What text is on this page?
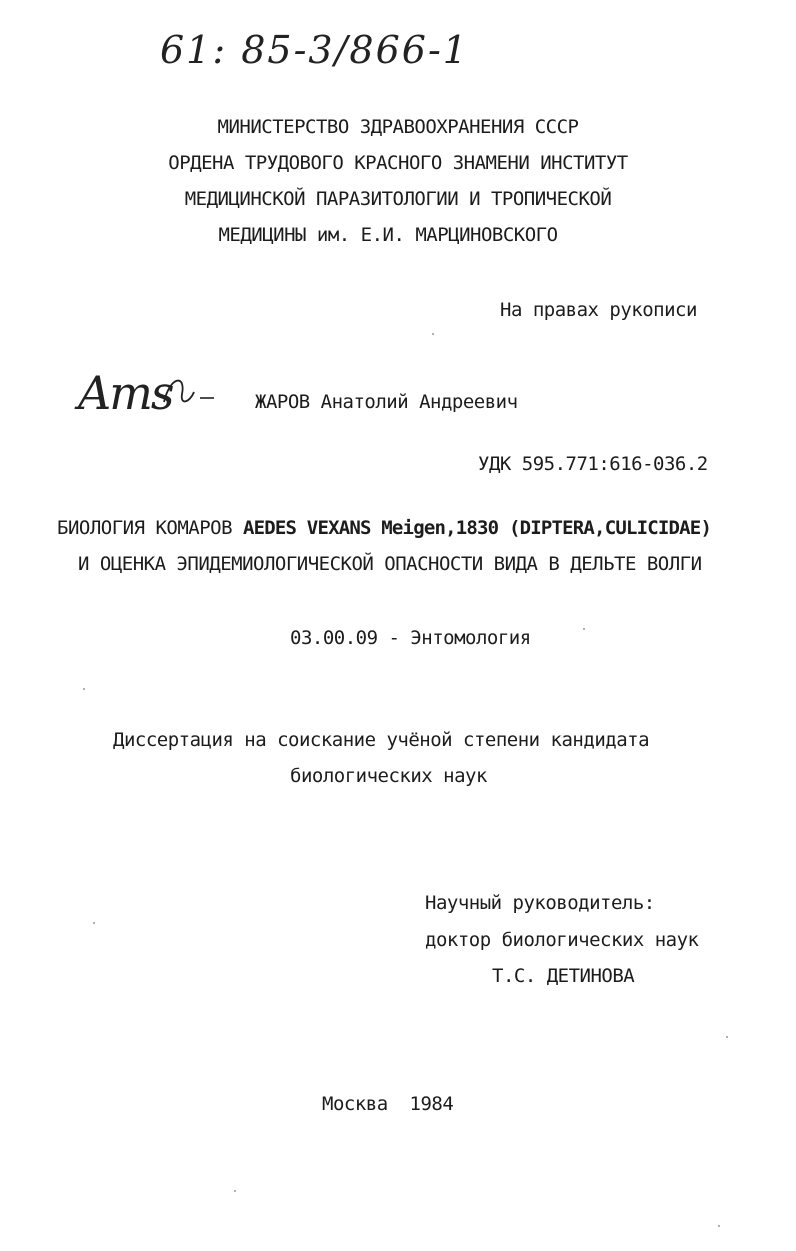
61: 85-3/866-1
МИНИСТЕРСТВО ЗДРАВООХРАНЕНИЯ СССР
ОРДЕНА ТРУДОВОГО КРАСНОГО ЗНАМЕНИ ИНСТИТУТ
МЕДИЦИНСКОЙ ПАРАЗИТОЛОГИИ И ТРОПИЧЕСКОЙ
МЕДИЦИНЫ им. Е.И. МАРЦИНОВСКОГО
На правах рукописи
Ams	ЖАРОВ Анатолий Андреевич
УДК 595.771:616-036.2
БИОЛОГИЯ КОМАРОВ AEDES VEXANS Meigen,1830 (DIPTERA,CULICIDAE)
И ОЦЕНКА ЭПИДЕМИОЛОГИЧЕСКОЙ ОПАСНОСТИ ВИДА В ДЕЛЬТЕ ВОЛГИ
03.00.09 - Энтомология
Диссертация на соискание учёной степени кандидата
биологических наук
Научный руководитель:
доктор биологических наук
Т.С. ДЕТИНОВА
Москва  1984
